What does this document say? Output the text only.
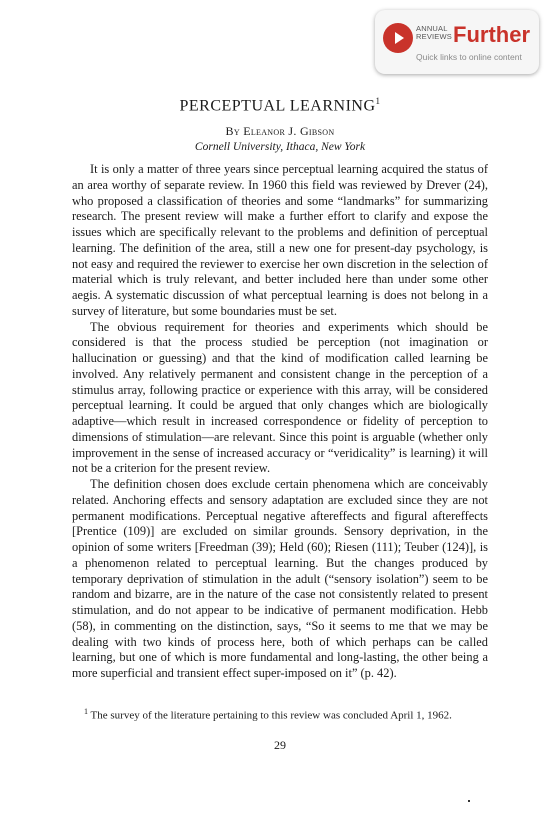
ANNUAL
REVIEWS Further
Quick links to online content
PERCEPTUAL LEARNING$^1$
By Eleanor J. Gibson
Cornell University, Ithaca, New York

It is only a matter of three years since perceptual learning acquired the status of an area worthy of separate review. In 1960 this field was reviewed by Drever (24), who proposed a classification of theories and some “landmarks” for summarizing research. The present review will make a further effort to clarify and expose the issues which are specifically relevant to the problems and definition of perceptual learning. The definition of the area, still a new one for present-day psychology, is not easy and required the reviewer to exercise her own discretion in the selection of material which is truly relevant, and better included here than under some other aegis. A systematic discussion of what perceptual learning is does not belong in a survey of literature, but some boundaries must be set.

The obvious requirement for theories and experiments which should be considered is that the process studied be perception (not imagination or hallucination or guessing) and that the kind of modification called learning be involved. Any relatively permanent and consistent change in the perception of a stimulus array, following practice or experience with this array, will be considered perceptual learning. It could be argued that only changes which are biologically adaptive—which result in increased correspondence or fidelity of perception to dimensions of stimulation—are relevant. Since this point is arguable (whether only improvement in the sense of increased accuracy or “veridicality” is learning) it will not be a criterion for the present review.

The definition chosen does exclude certain phenomena which are conceivably related. Anchoring effects and sensory adaptation are excluded since they are not permanent modifications. Perceptual negative aftereffects and figural aftereffects [Prentice (109)] are excluded on similar grounds. Sensory deprivation, in the opinion of some writers [Freedman (39); Held (60); Riesen (111); Teuber (124)], is a phenomenon related to perceptual learning. But the changes produced by temporary deprivation of stimulation in the adult (“sensory isolation”) seem to be random and bizarre, are in the nature of the case not consistently related to present stimulation, and do not appear to be indicative of permanent modification. Hebb (58), in commenting on the distinction, says, “So it seems to me that we may be dealing with two kinds of process here, both of which perhaps can be called learning, but one of which is more fundamental and long-lasting, the other being a more superficial and transient effect super-imposed on it” (p. 42).

$^1$ The survey of the literature pertaining to this review was concluded April 1, 1962.

29
